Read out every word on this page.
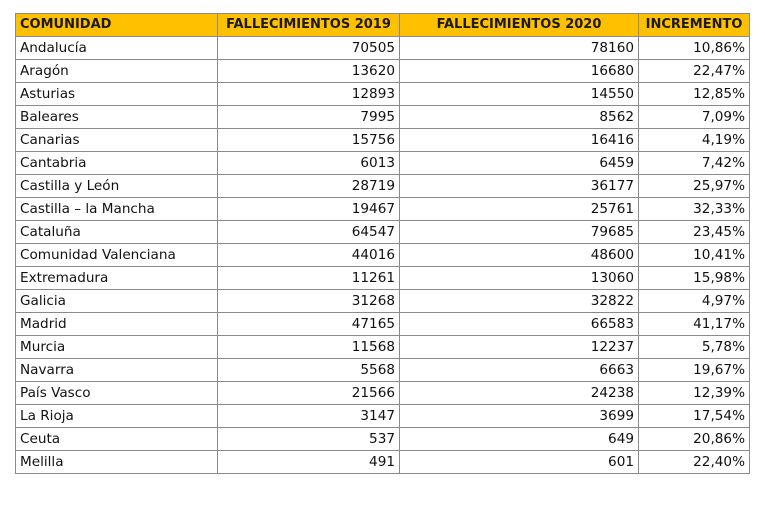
COMUNIDAD	FALLECIMIENTOS 2019	FALLECIMIENTOS 2020	INCREMENTO
Andalucía	70505	78160	10,86%
Aragón	13620	16680	22,47%
Asturias	12893	14550	12,85%
Baleares	7995	8562	7,09%
Canarias	15756	16416	4,19%
Cantabria	6013	6459	7,42%
Castilla y León	28719	36177	25,97%
Castilla – la Mancha	19467	25761	32,33%
Cataluña	64547	79685	23,45%
Comunidad Valenciana	44016	48600	10,41%
Extremadura	11261	13060	15,98%
Galicia	31268	32822	4,97%
Madrid	47165	66583	41,17%
Murcia	11568	12237	5,78%
Navarra	5568	6663	19,67%
País Vasco	21566	24238	12,39%
La Rioja	3147	3699	17,54%
Ceuta	537	649	20,86%
Melilla	491	601	22,40%
